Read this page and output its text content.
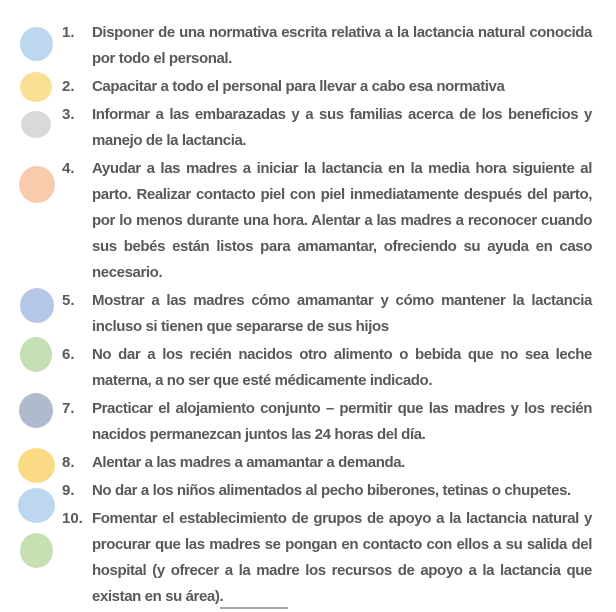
1.	Disponer de una normativa escrita relativa a la lactancia natural conocida
por todo el personal.
2.	Capacitar a todo el personal para llevar a cabo esa normativa
3.	Informar a las embarazadas y a sus familias acerca de los beneficios y
manejo de la lactancia.
4.	Ayudar a las madres a iniciar la lactancia en la media hora siguiente al
parto. Realizar contacto piel con piel inmediatamente después del parto,
por lo menos durante una hora. Alentar a las madres a reconocer cuando
sus bebés están listos para amamantar, ofreciendo su ayuda en caso
necesario.
5.	Mostrar a las madres cómo amamantar y cómo mantener la lactancia
incluso si tienen que separarse de sus hijos
6.	No dar a los recién nacidos otro alimento o bebida que no sea leche
materna, a no ser que esté médicamente indicado.
7.	Practicar el alojamiento conjunto – permitir que las madres y los recién
nacidos permanezcan juntos las 24 horas del día.
8.	Alentar a las madres a amamantar a demanda.
9.	No dar a los niños alimentados al pecho biberones, tetinas o chupetes.
10. Fomentar el establecimiento de grupos de apoyo a la lactancia natural y
procurar que las madres se pongan en contacto con ellos a su salida del
hospital (y ofrecer a la madre los recursos de apoyo a la lactancia que
existan en su área).
